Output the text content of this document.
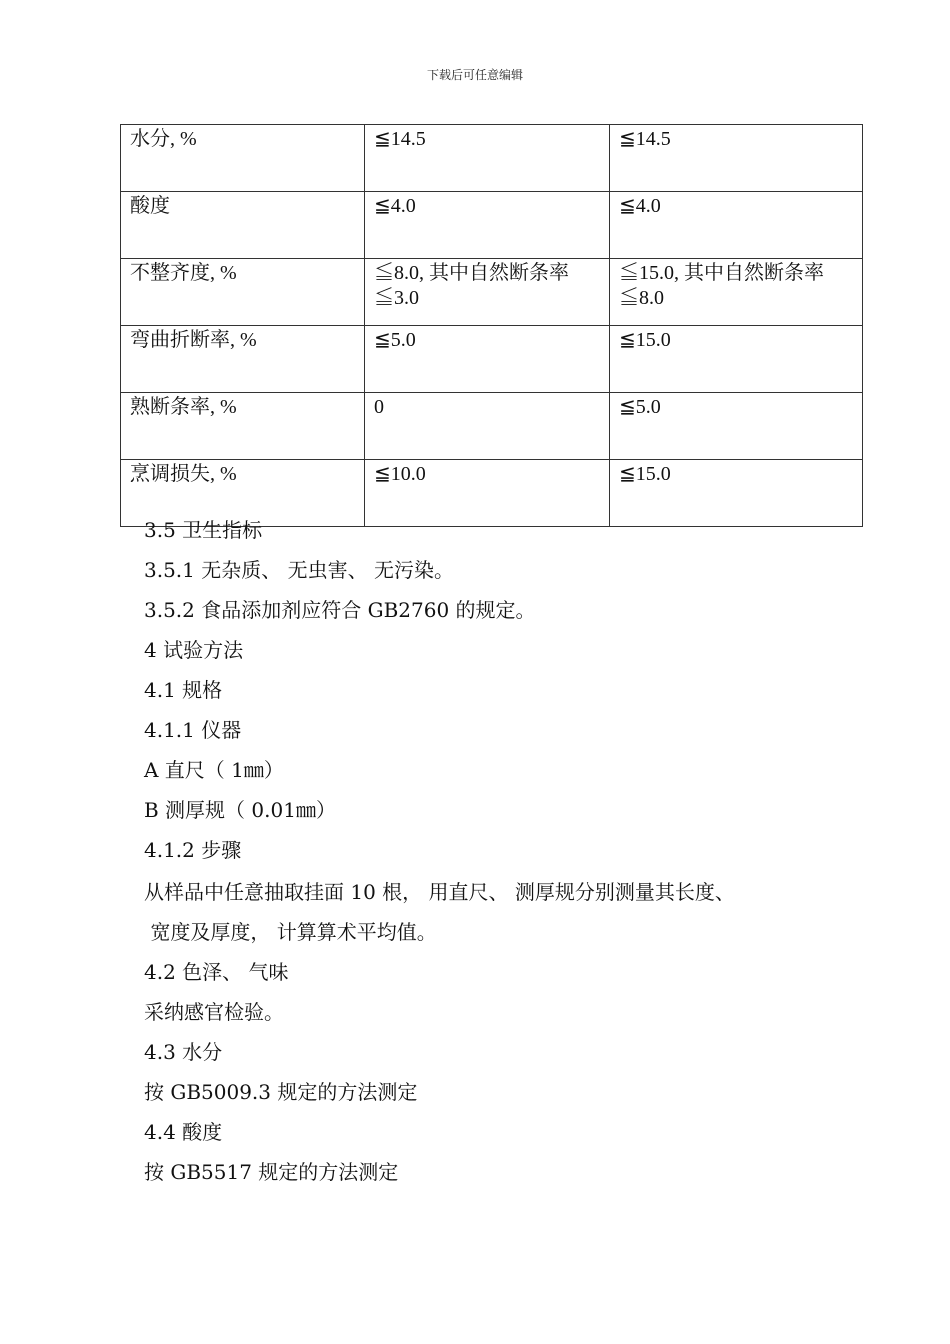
下载后可任意编辑
水分, %	≦14.5	≦14.5
酸度	≦4.0	≦4.0
不整齐度, %	≦8.0, 其中自然断条率≦3.0	≦15.0, 其中自然断条率≦8.0
弯曲折断率, %	≦5.0	≦15.0
熟断条率, %	0	≦5.0
烹调损失, %	≦10.0	≦15.0
3.5 卫生指标
3.5.1 无杂质、 无虫害、 无污染。
3.5.2 食品添加剂应符合 GB2760 的规定。
4 试验方法
4.1 规格
4.1.1 仪器
A 直尺（ 1㎜）
B 测厚规（ 0.01㎜）
4.1.2 步骤
从样品中任意抽取挂面 10 根， 用直尺、 测厚规分别测量其长度、
宽度及厚度， 计算算术平均值。
4.2 色泽、 气味
采纳感官检验。
4.3 水分
按 GB5009.3 规定的方法测定
4.4 酸度
按 GB5517 规定的方法测定
